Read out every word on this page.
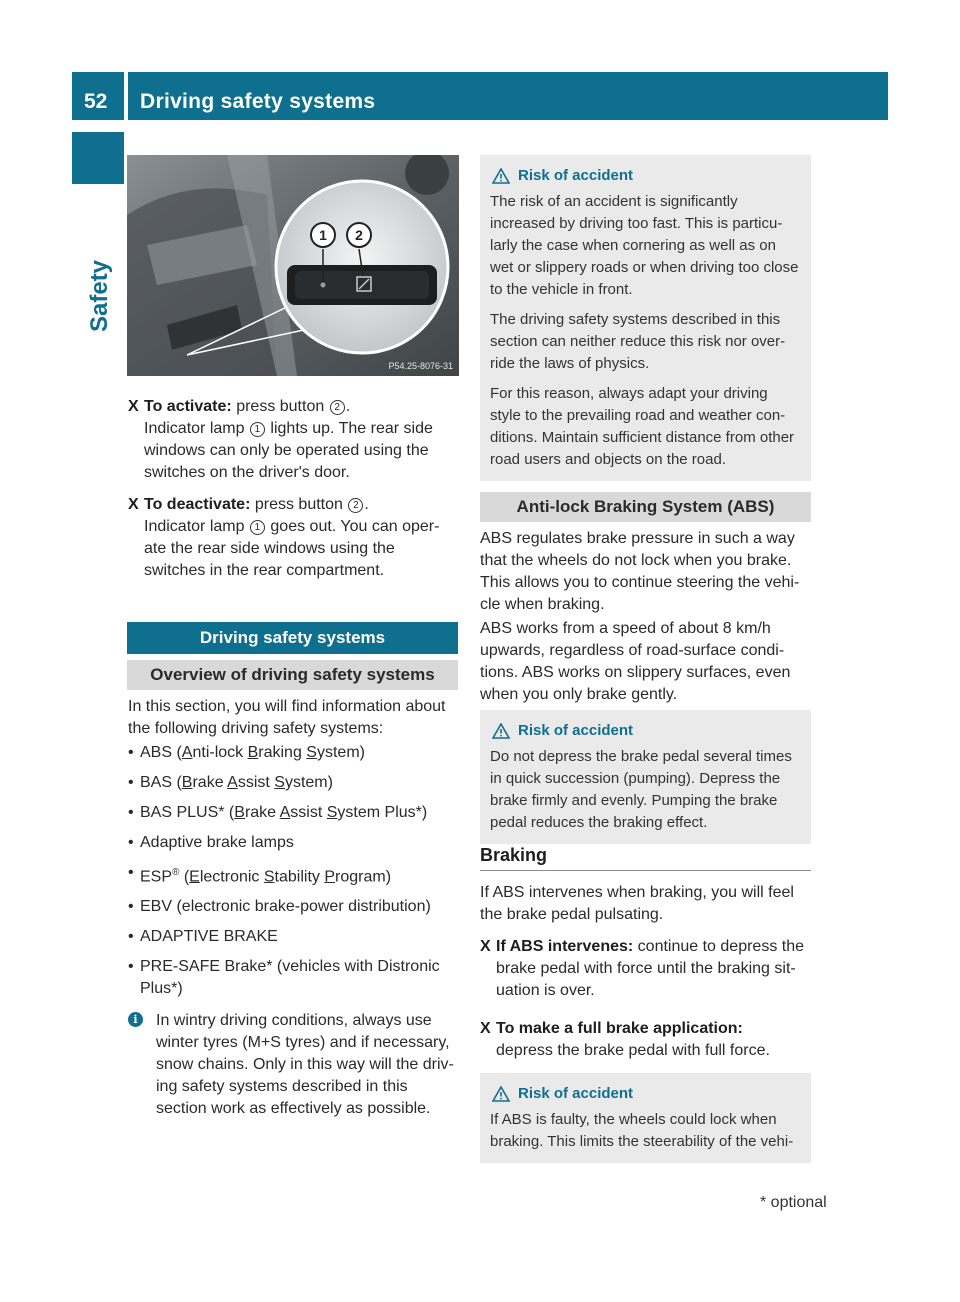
52 Driving safety systems
Safety
1 2
P54.25-8076-31
X To activate: press button 2 .
Indicator lamp 1 lights up. The rear side windows can only be operated using the switches on the driver's door.
X To deactivate: press button 2 .
Indicator lamp 1 goes out. You can oper- ate the rear side windows using the switches in the rear compartment.
Driving safety systems
Overview of driving safety systems
In this section, you will find information about the following driving safety systems:
• ABS (Anti-lock Braking System)
• BAS (Brake Assist System)
• BAS PLUS* (Brake Assist System Plus*)
• Adaptive brake lamps
• ESP® (Electronic Stability Program)
• EBV (electronic brake-power distribution)
• ADAPTIVE BRAKE
• PRE-SAFE Brake* (vehicles with Distronic Plus*)
i	In wintry driving conditions, always use winter tyres (M+S tyres) and if necessary, snow chains. Only in this way will the driv- ing safety systems described in this section work as effectively as possible.
Risk of accident

The risk of an accident is significantly increased by driving too fast. This is particu- larly the case when cornering as well as on wet or slippery roads or when driving too close to the vehicle in front.

The driving safety systems described in this section can neither reduce this risk nor over- ride the laws of physics.

For this reason, always adapt your driving style to the prevailing road and weather con- ditions. Maintain sufficient distance from other road users and objects on the road.

Anti-lock Braking System (ABS)
ABS regulates brake pressure in such a way that the wheels do not lock when you brake. This allows you to continue steering the vehi- cle when braking.
ABS works from a speed of about 8 km/h upwards, regardless of road-surface condi- tions. ABS works on slippery surfaces, even when you only brake gently.
Risk of accident

Do not depress the brake pedal several times in quick succession (pumping). Depress the brake firmly and evenly. Pumping the brake pedal reduces the braking effect.

Braking
If ABS intervenes when braking, you will feel the brake pedal pulsating.
X If ABS intervenes: continue to depress the brake pedal with force until the braking sit- uation is over.
X To make a full brake application:
depress the brake pedal with full force.
Risk of accident

If ABS is faulty, the wheels could lock when braking. This limits the steerability of the vehi-

* optional
